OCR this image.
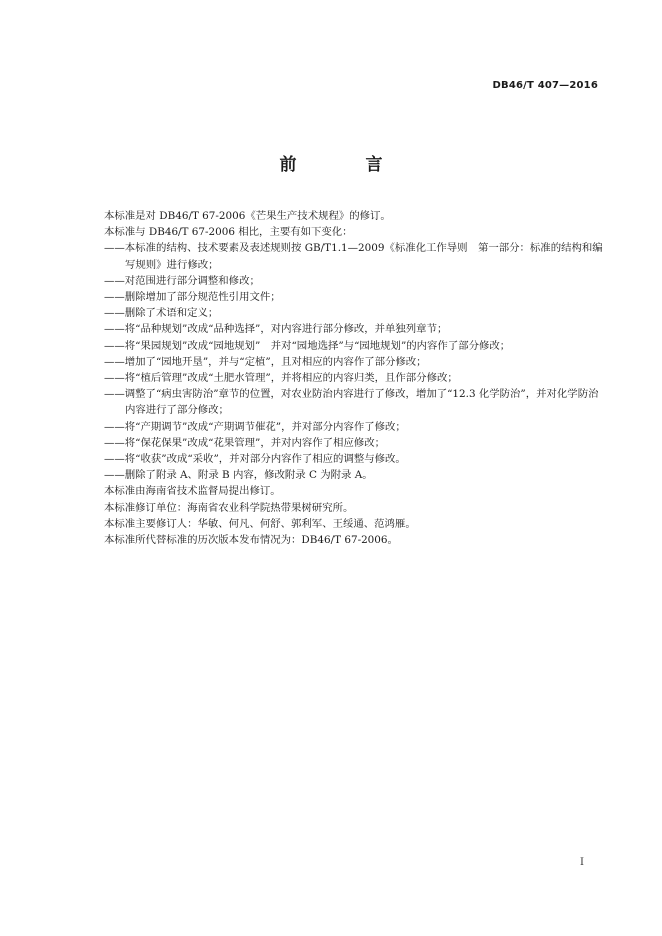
DB46/T 407—2016
前　言
本标准是对 DB46/T 67-2006《芒果生产技术规程》的修订。
本标准与 DB46/T 67-2006 相比，主要有如下变化：
——本标准的结构、技术要素及表述规则按 GB/T1.1—2009《标准化工作导则　第一部分：标准的结构和编写规则》进行修改；
——对范围进行部分调整和修改；
——删除增加了部分规范性引用文件；
——删除了术语和定义；
——将“品种规划”改成“品种选择”，对内容进行部分修改，并单独列章节；
——将“果园规划”改成“园地规划”　并对“园地选择”与“园地规划”的内容作了部分修改；
——增加了“园地开垦”，并与“定植”，且对相应的内容作了部分修改；
——将“植后管理”改成“土肥水管理”，并将相应的内容归类，且作部分修改；
——调整了“病虫害防治”章节的位置，对农业防治内容进行了修改，增加了“12.3 化学防治”，并对化学防治内容进行了部分修改；
——将“产期调节”改成“产期调节催花”，并对部分内容作了修改；
——将“保花保果”改成“花果管理”，并对内容作了相应修改；
——将“收获”改成“采收”，并对部分内容作了相应的调整与修改。
——删除了附录 A、附录 B 内容，修改附录 C 为附录 A。
本标准由海南省技术监督局提出修订。
本标准修订单位：海南省农业科学院热带果树研究所。
本标准主要修订人：华敏、何凡、何舒、郭利军、王绥通、范鸿雁。
本标准所代替标准的历次版本发布情况为：DB46/T 67-2006。
I
